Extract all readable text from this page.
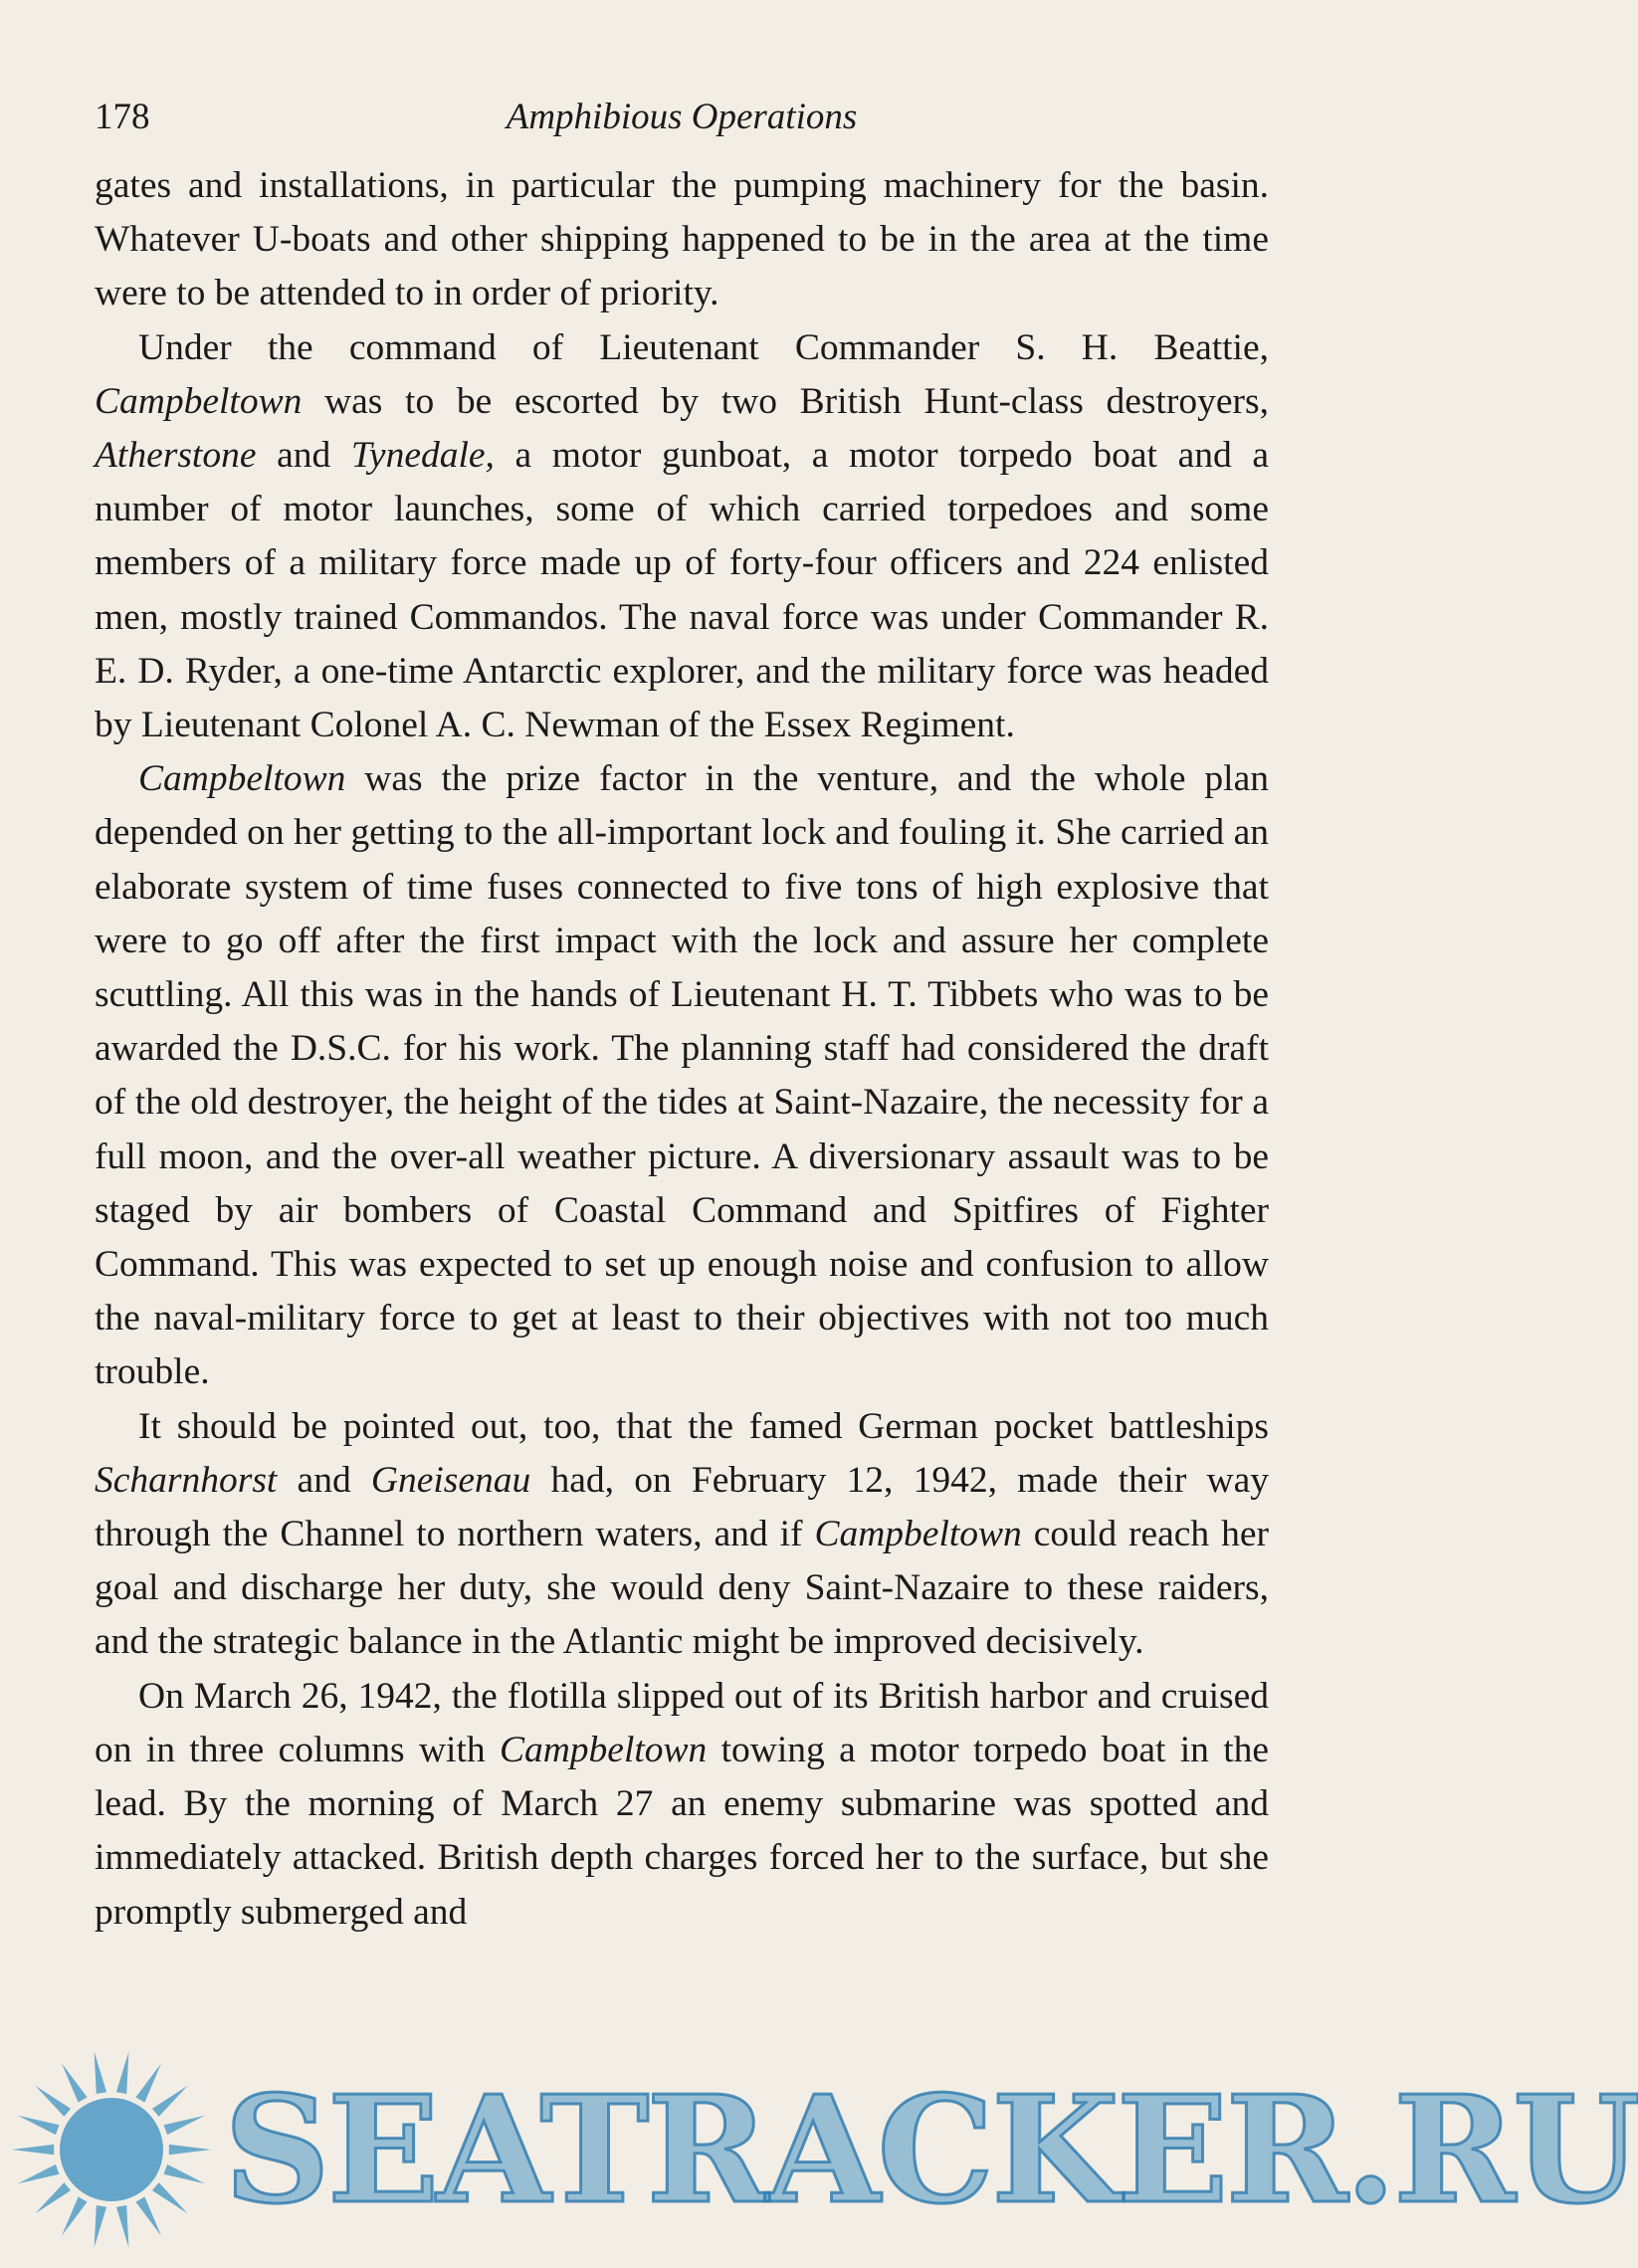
178	Amphibious Operations

gates and installations, in particular the pumping machinery for the basin. Whatever U-boats and other shipping happened to be in the area at the time were to be attended to in order of priority.

Under the command of Lieutenant Commander S. H. Beattie, Campbeltown was to be escorted by two British Hunt-class destroyers, Atherstone and Tynedale, a motor gunboat, a motor torpedo boat and a number of motor launches, some of which carried torpedoes and some members of a military force made up of forty-four officers and 224 enlisted men, mostly trained Commandos. The naval force was under Commander R. E. D. Ryder, a one-time Antarctic explorer, and the military force was headed by Lieutenant Colonel A. C. Newman of the Essex Regiment.

Campbeltown was the prize factor in the venture, and the whole plan depended on her getting to the all-important lock and fouling it. She carried an elaborate system of time fuses connected to five tons of high explosive that were to go off after the first impact with the lock and assure her complete scuttling. All this was in the hands of Lieutenant H. T. Tibbets who was to be awarded the D.S.C. for his work. The planning staff had considered the draft of the old destroyer, the height of the tides at Saint-Nazaire, the necessity for a full moon, and the over-all weather picture. A diversionary assault was to be staged by air bombers of Coastal Command and Spitfires of Fighter Command. This was expected to set up enough noise and confusion to allow the naval-military force to get at least to their objectives with not too much trouble.

It should be pointed out, too, that the famed German pocket battleships Scharnhorst and Gneisenau had, on February 12, 1942, made their way through the Channel to northern waters, and if Campbeltown could reach her goal and discharge her duty, she would deny Saint-Nazaire to these raiders, and the strategic balance in the Atlantic might be improved decisively.

On March 26, 1942, the flotilla slipped out of its British harbor and cruised on in three columns with Campbeltown towing a motor torpedo boat in the lead. By the morning of March 27 an enemy submarine was spotted and immediately attacked. British depth charges forced her to the surface, but she promptly submerged and

SEATRACKER.RU
